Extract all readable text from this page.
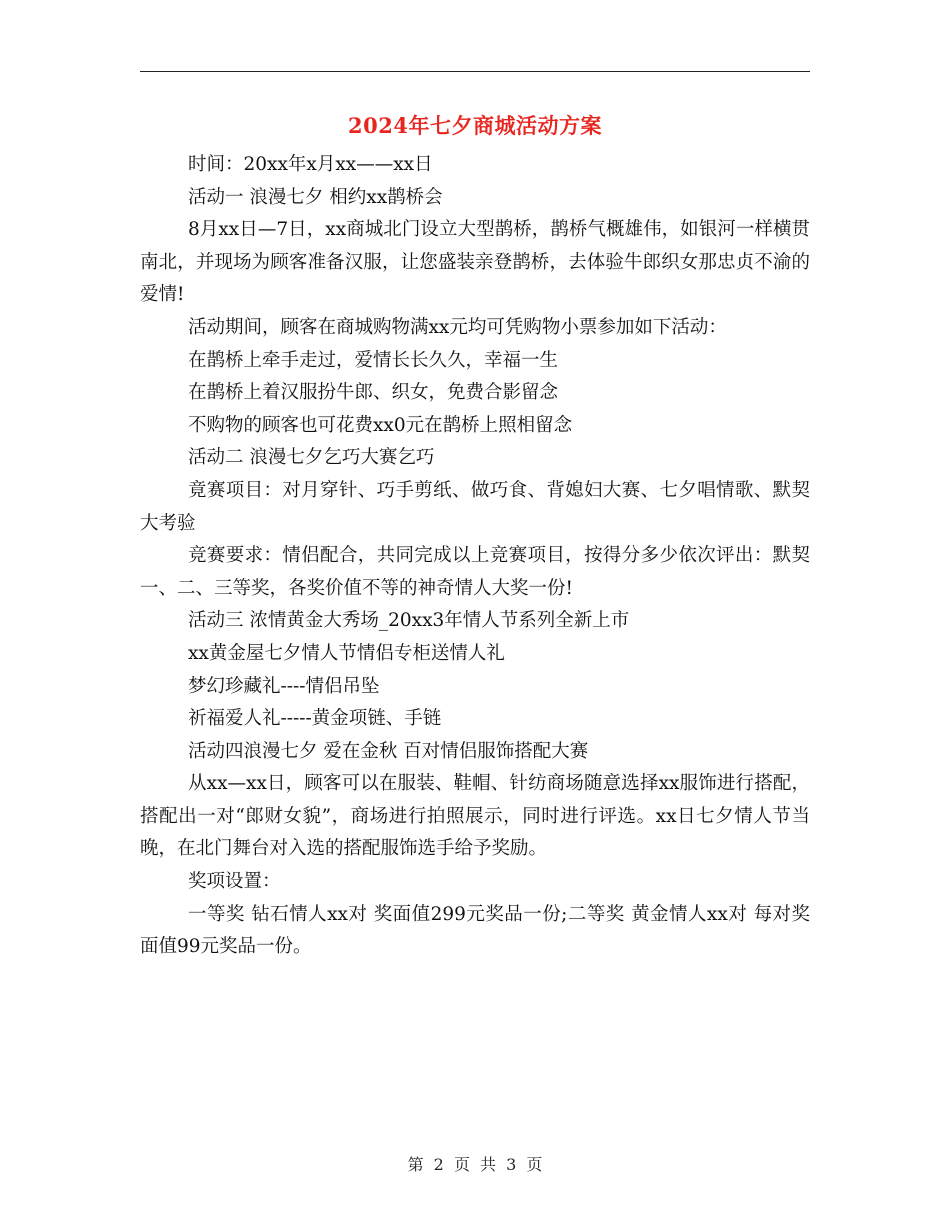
2024年七夕商城活动方案

时间：20xx年x月xx——xx日

活动一 浪漫七夕 相约xx鹊桥会

8月xx日—7日，xx商城北门设立大型鹊桥，鹊桥气概雄伟，如银河一样横贯南北，并现场为顾客准备汉服，让您盛装亲登鹊桥，去体验牛郎织女那忠贞不渝的爱情!

活动期间，顾客在商城购物满xx元均可凭购物小票参加如下活动：

在鹊桥上牵手走过，爱情长长久久，幸福一生

在鹊桥上着汉服扮牛郎、织女，免费合影留念

不购物的顾客也可花费xx0元在鹊桥上照相留念

活动二 浪漫七夕乞巧大赛乞巧

竟赛项目：对月穿针、巧手剪纸、做巧食、背媳妇大赛、七夕唱情歌、默契大考验

竞赛要求：情侣配合，共同完成以上竞赛项目，按得分多少依次评出：默契一、二、三等奖，各奖价值不等的神奇情人大奖一份!

活动三 浓情黄金大秀场_20xx3年情人节系列全新上市

xx黄金屋七夕情人节情侣专柜送情人礼

梦幻珍藏礼----情侣吊坠

祈福爱人礼-----黄金项链、手链

活动四浪漫七夕 爱在金秋 百对情侣服饰搭配大赛

从xx—xx日，顾客可以在服装、鞋帽、针纺商场随意选择xx服饰进行搭配，搭配出一对“郎财女貌”，商场进行拍照展示，同时进行评选。xx日七夕情人节当晚，在北门舞台对入选的搭配服饰选手给予奖励。

奖项设置：

一等奖 钻石情人xx对 奖面值299元奖品一份;二等奖 黄金情人xx对 每对奖面值99元奖品一份。

第 2 页 共 3 页
